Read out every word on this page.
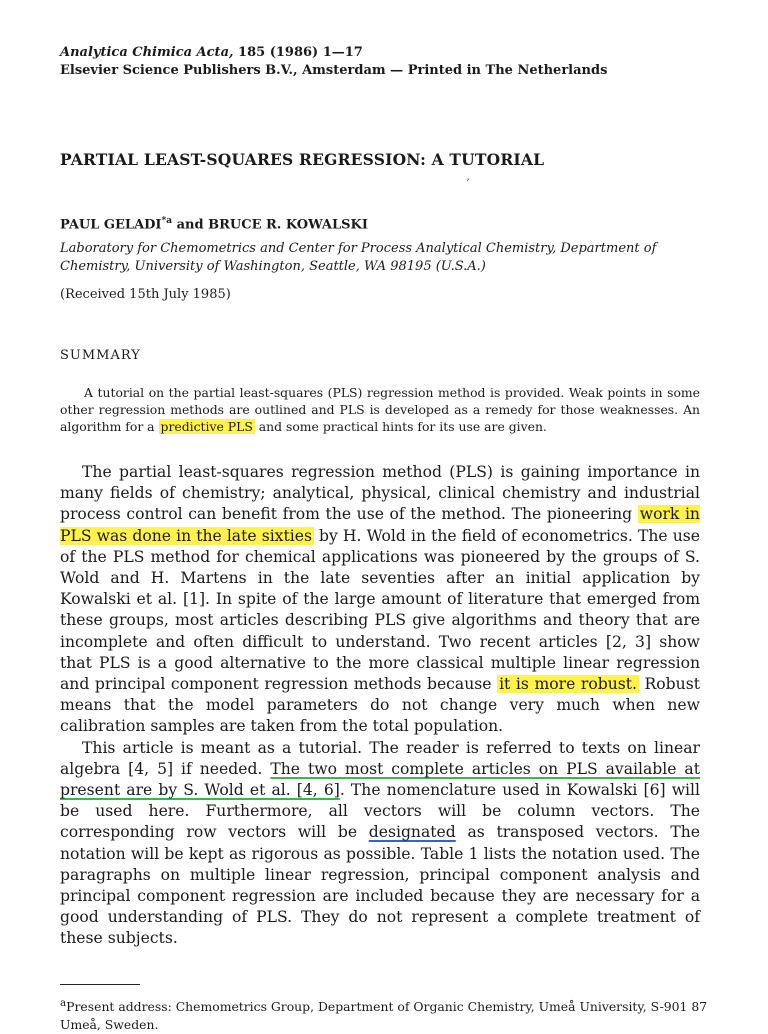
Analytica Chimica Acta, 185 (1986) 1—17
Elsevier Science Publishers B.V., Amsterdam — Printed in The Netherlands
ʼ
PARTIAL LEAST-SQUARES REGRESSION: A TUTORIAL
PAUL GELADI$^{*a}$ and BRUCE R. KOWALSKI
Laboratory for Chemometrics and Center for Process Analytical Chemistry, Department of Chemistry, University of Washington, Seattle, WA 98195 (U.S.A.)
(Received 15th July 1985)
SUMMARY

A tutorial on the partial least-squares (PLS) regression method is provided. Weak points in some other regression methods are outlined and PLS is developed as a remedy for those weaknesses. An algorithm for a predictive PLS and some practical hints for its use are given.

The partial least-squares regression method (PLS) is gaining importance in many fields of chemistry; analytical, physical, clinical chemistry and industrial process control can benefit from the use of the method. The pioneering work in PLS was done in the late sixties by H. Wold in the field of econometrics. The use of the PLS method for chemical applications was pioneered by the groups of S. Wold and H. Martens in the late seventies after an initial application by Kowalski et al. [1]. In spite of the large amount of literature that emerged from these groups, most articles describing PLS give algorithms and theory that are incomplete and often difficult to understand. Two recent articles [2, 3] show that PLS is a good alternative to the more classical multiple linear regression and principal component regression methods because it is more robust. Robust means that the model parameters do not change very much when new calibration samples are taken from the total population.

This article is meant as a tutorial. The reader is referred to texts on linear algebra [4, 5] if needed. The two most complete articles on PLS available at present are by S. Wold et al. [4, 6]. The nomenclature used in Kowalski [6] will be used here. Furthermore, all vectors will be column vectors. The corresponding row vectors will be designated as transposed vectors. The notation will be kept as rigorous as possible. Table 1 lists the notation used. The paragraphs on multiple linear regression, principal component analysis and principal component regression are included because they are necessary for a good understanding of PLS. They do not represent a complete treatment of these subjects.

$^a$Present address: Chemometrics Group, Department of Organic Chemistry, Umeå University, S-901 87 Umeå, Sweden.
